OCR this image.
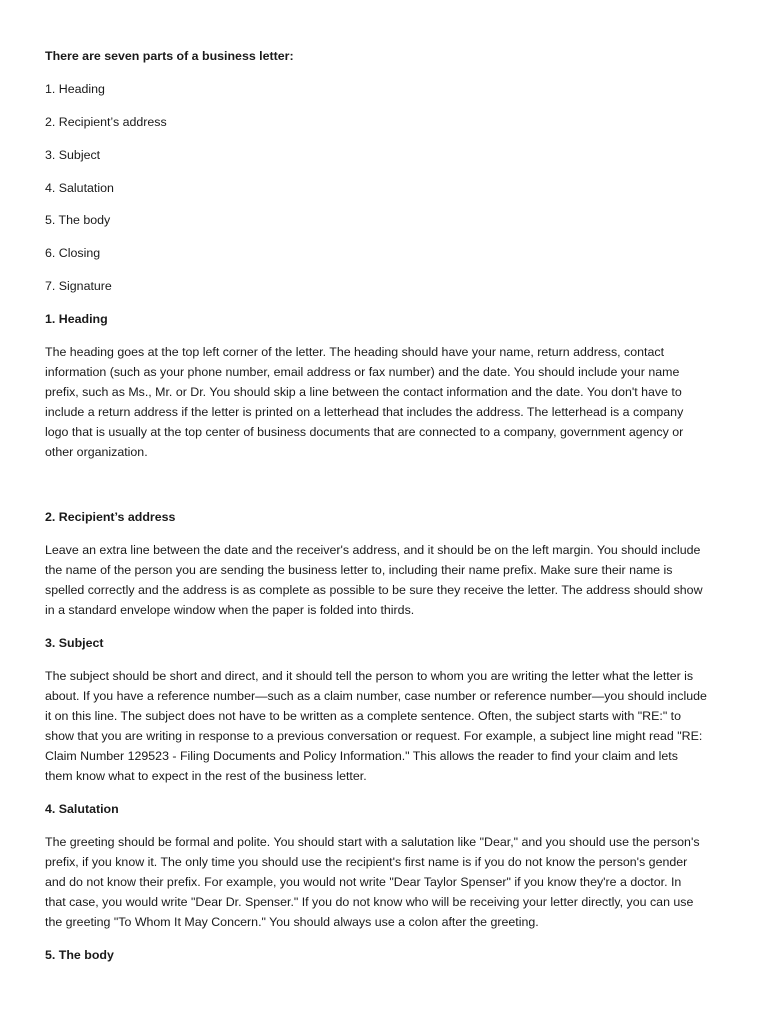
There are seven parts of a business letter:
1. Heading
2. Recipient’s address
3. Subject
4. Salutation
5. The body
6. Closing
7. Signature
1. Heading
The heading goes at the top left corner of the letter. The heading should have your name, return address, contact
information (such as your phone number, email address or fax number) and the date. You should include your name
prefix, such as Ms., Mr. or Dr. You should skip a line between the contact information and the date. You don't have to
include a return address if the letter is printed on a letterhead that includes the address. The letterhead is a company
logo that is usually at the top center of business documents that are connected to a company, government agency or
other organization.
2. Recipient’s address
Leave an extra line between the date and the receiver's address, and it should be on the left margin. You should include
the name of the person you are sending the business letter to, including their name prefix. Make sure their name is
spelled correctly and the address is as complete as possible to be sure they receive the letter. The address should show
in a standard envelope window when the paper is folded into thirds.
3. Subject
The subject should be short and direct, and it should tell the person to whom you are writing the letter what the letter is
about. If you have a reference number—such as a claim number, case number or reference number—you should include
it on this line. The subject does not have to be written as a complete sentence. Often, the subject starts with "RE:" to
show that you are writing in response to a previous conversation or request. For example, a subject line might read "RE:
Claim Number 129523 - Filing Documents and Policy Information." This allows the reader to find your claim and lets
them know what to expect in the rest of the business letter.
4. Salutation
The greeting should be formal and polite. You should start with a salutation like "Dear," and you should use the person's
prefix, if you know it. The only time you should use the recipient's first name is if you do not know the person's gender
and do not know their prefix. For example, you would not write "Dear Taylor Spenser" if you know they're a doctor. In
that case, you would write "Dear Dr. Spenser." If you do not know who will be receiving your letter directly, you can use
the greeting "To Whom It May Concern." You should always use a colon after the greeting.
5. The body
